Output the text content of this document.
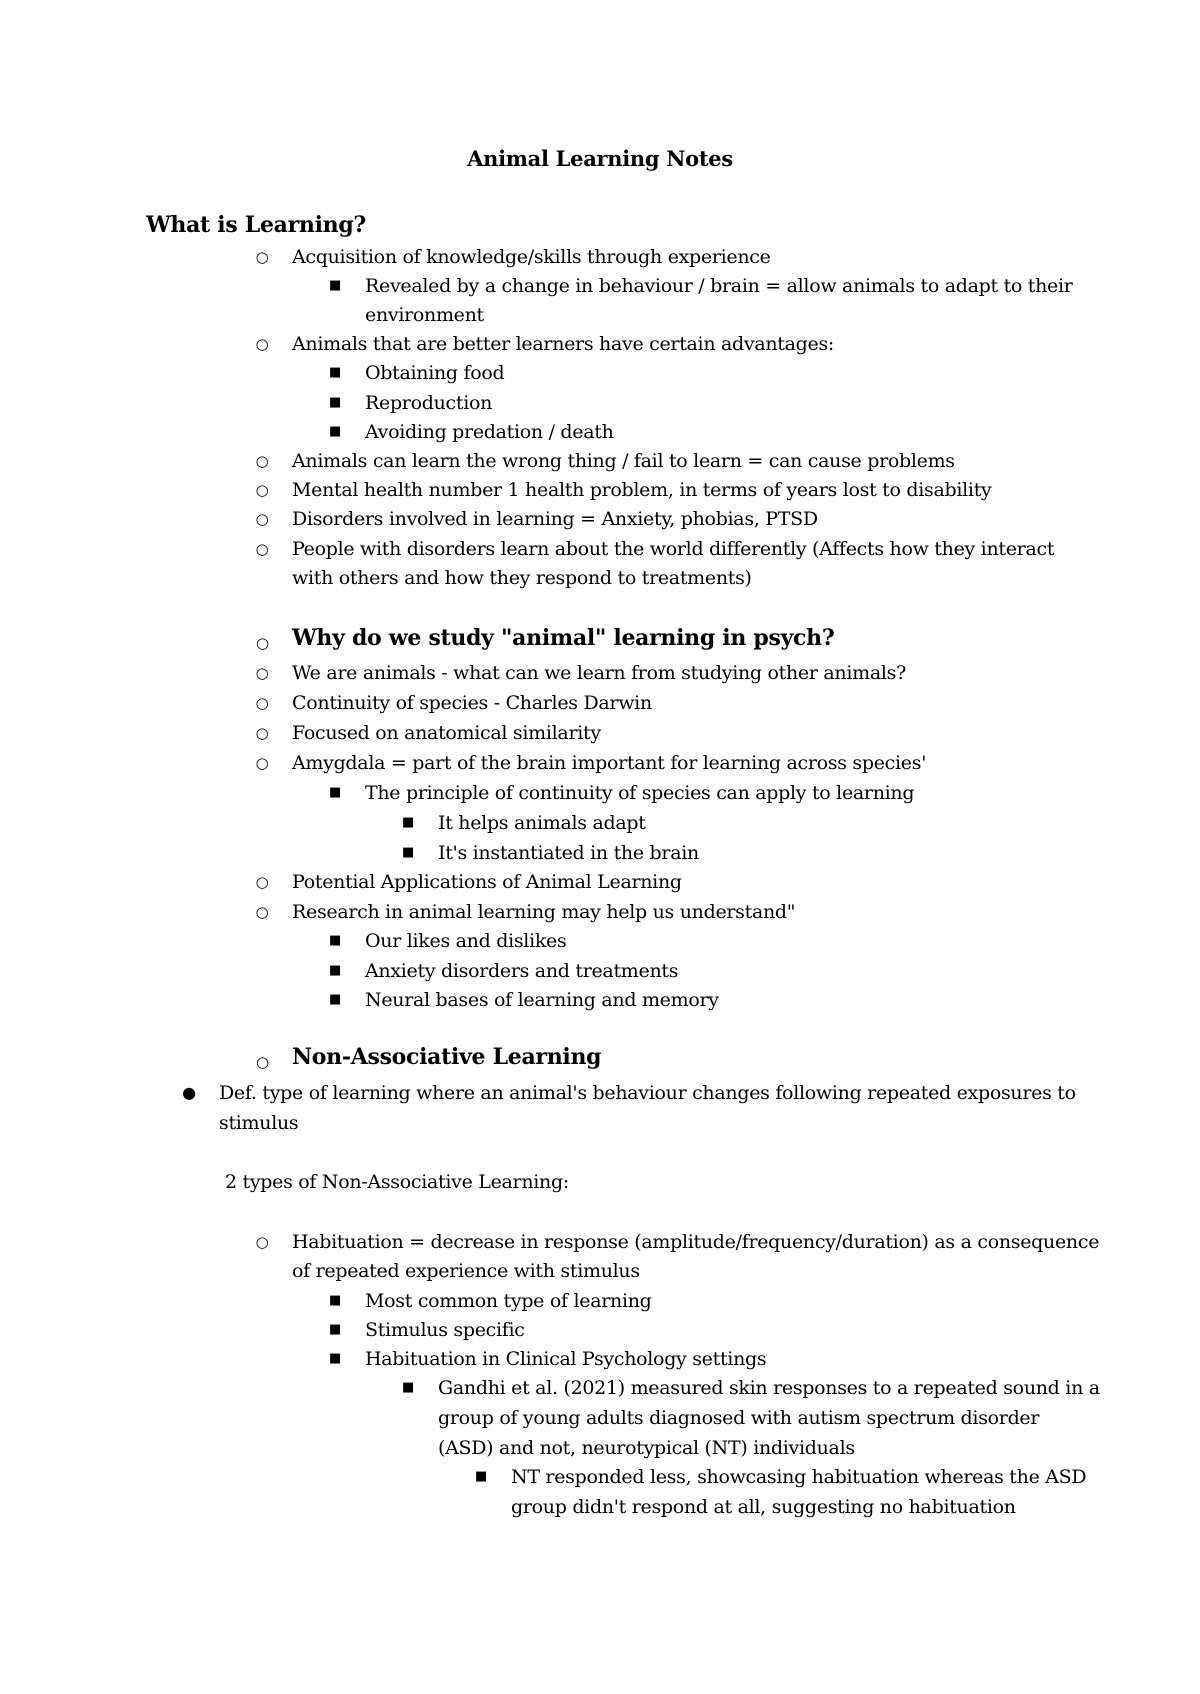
Animal Learning Notes
What is Learning?
○ Acquisition of knowledge/skills through experience
■ Revealed by a change in behaviour / brain = allow animals to adapt to their
environment
○ Animals that are better learners have certain advantages:
■ Obtaining food
■ Reproduction
■ Avoiding predation / death
○ Animals can learn the wrong thing / fail to learn = can cause problems
○ Mental health number 1 health problem, in terms of years lost to disability
○ Disorders involved in learning = Anxiety, phobias, PTSD
○ People with disorders learn about the world differently (Affects how they interact
with others and how they respond to treatments)
○ Why do we study "animal" learning in psych?
○ We are animals - what can we learn from studying other animals?
○ Continuity of species - Charles Darwin
○ Focused on anatomical similarity
○ Amygdala = part of the brain important for learning across species'
■ The principle of continuity of species can apply to learning
■ It helps animals adapt
■ It's instantiated in the brain
○ Potential Applications of Animal Learning
○ Research in animal learning may help us understand"
■ Our likes and dislikes
■ Anxiety disorders and treatments
■ Neural bases of learning and memory
○ Non-Associative Learning
● Def. type of learning where an animal's behaviour changes following repeated exposures to
stimulus
2 types of Non-Associative Learning:
○ Habituation = decrease in response (amplitude/frequency/duration) as a consequence
of repeated experience with stimulus
■ Most common type of learning
■ Stimulus specific
■ Habituation in Clinical Psychology settings
■ Gandhi et al. (2021) measured skin responses to a repeated sound in a
group of young adults diagnosed with autism spectrum disorder
(ASD) and not, neurotypical (NT) individuals
■ NT responded less, showcasing habituation whereas the ASD
group didn't respond at all, suggesting no habituation
